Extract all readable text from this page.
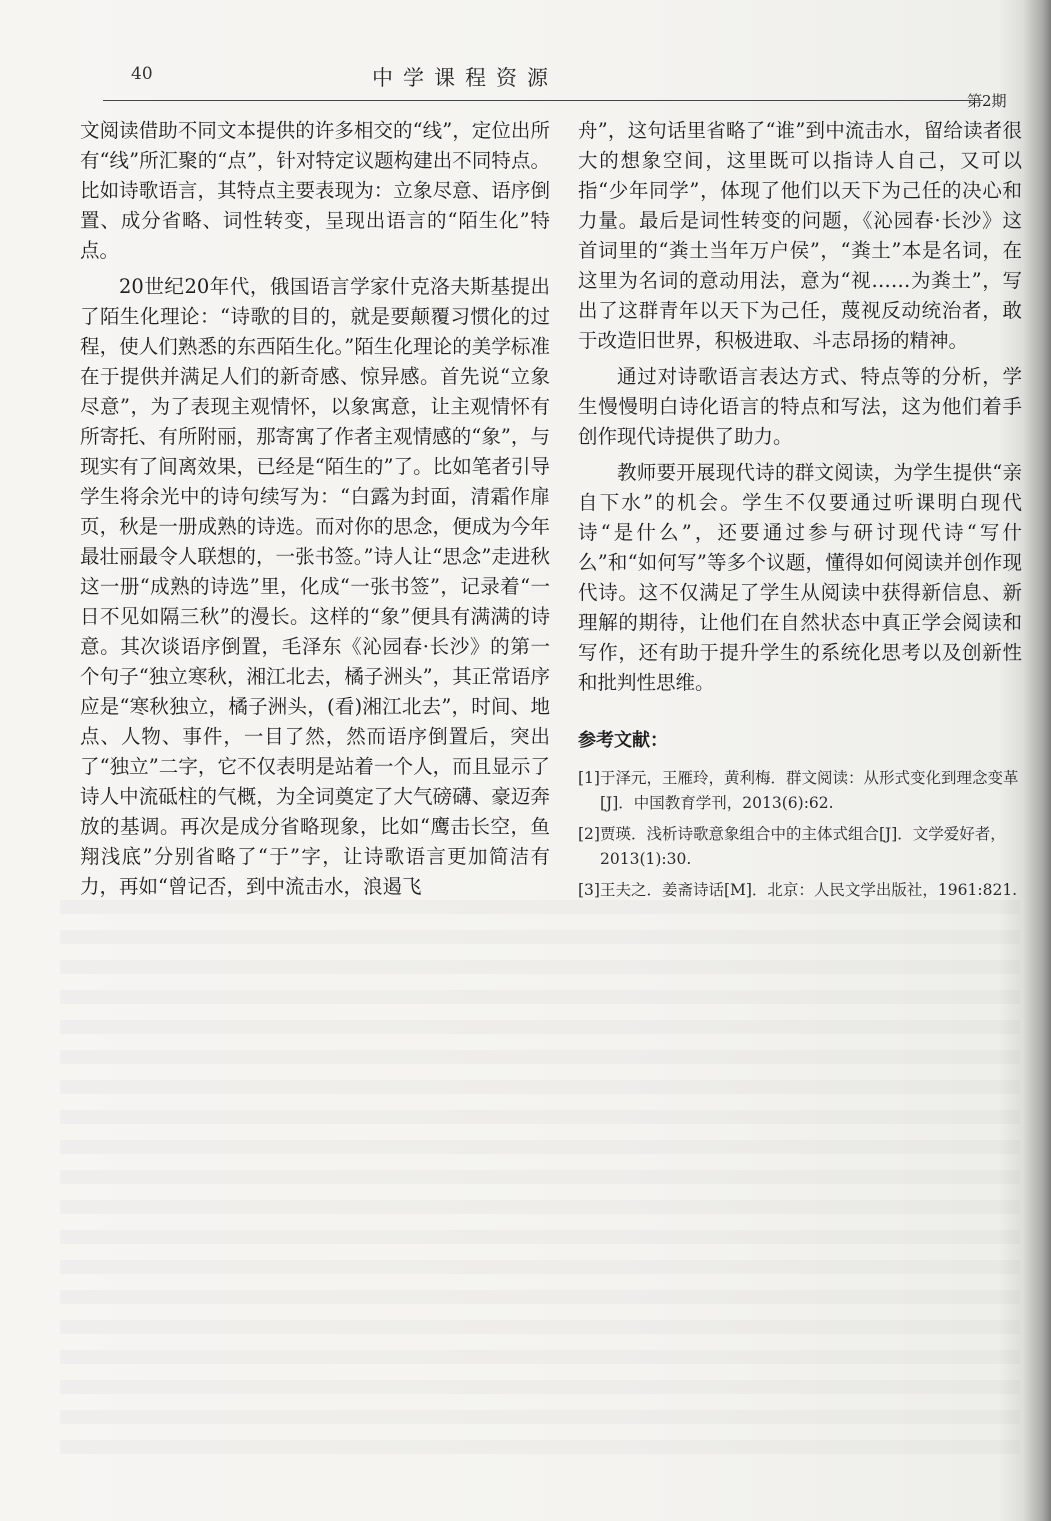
40	中学课程资源
第2期

文阅读借助不同文本提供的许多相交的“线”，定位出所有“线”所汇聚的“点”，针对特定议题构建出不同特点。比如诗歌语言，其特点主要表现为：立象尽意、语序倒置、成分省略、词性转变，呈现出语言的“陌生化”特点。

20世纪20年代，俄国语言学家什克洛夫斯基提出了陌生化理论：“诗歌的目的，就是要颠覆习惯化的过程，使人们熟悉的东西陌生化。”陌生化理论的美学标准在于提供并满足人们的新奇感、惊异感。首先说“立象尽意”，为了表现主观情怀，以象寓意，让主观情怀有所寄托、有所附丽，那寄寓了作者主观情感的“象”，与现实有了间离效果，已经是“陌生的”了。比如笔者引导学生将余光中的诗句续写为：“白露为封面，清霜作扉页，秋是一册成熟的诗选。而对你的思念，便成为今年最壮丽最令人联想的，一张书签。”诗人让“思念”走进秋这一册“成熟的诗选”里，化成“一张书签”，记录着“一日不见如隔三秋”的漫长。这样的“象”便具有满满的诗意。其次谈语序倒置，毛泽东《沁园春·长沙》的第一个句子“独立寒秋，湘江北去，橘子洲头”，其正常语序应是“寒秋独立，橘子洲头，(看)湘江北去”，时间、地点、人物、事件，一目了然，然而语序倒置后，突出了“独立”二字，它不仅表明是站着一个人，而且显示了诗人中流砥柱的气概，为全词奠定了大气磅礴、豪迈奔放的基调。再次是成分省略现象，比如“鹰击长空，鱼翔浅底”分别省略了“于”字，让诗歌语言更加简洁有力，再如“曾记否，到中流击水，浪遏飞

舟”，这句话里省略了“谁”到中流击水，留给读者很大的想象空间，这里既可以指诗人自己，又可以指“少年同学”，体现了他们以天下为己任的决心和力量。最后是词性转变的问题，《沁园春·长沙》这首词里的“粪土当年万户侯”，“粪土”本是名词，在这里为名词的意动用法，意为“视……为粪土”，写出了这群青年以天下为己任，蔑视反动统治者，敢于改造旧世界，积极进取、斗志昂扬的精神。

通过对诗歌语言表达方式、特点等的分析，学生慢慢明白诗化语言的特点和写法，这为他们着手创作现代诗提供了助力。

教师要开展现代诗的群文阅读，为学生提供“亲自下水”的机会。学生不仅要通过听课明白现代诗“是什么”，还要通过参与研讨现代诗“写什么”和“如何写”等多个议题，懂得如何阅读并创作现代诗。这不仅满足了学生从阅读中获得新信息、新理解的期待，让他们在自然状态中真正学会阅读和写作，还有助于提升学生的系统化思考以及创新性和批判性思维。

参考文献：
[1]于泽元，王雁玲，黄利梅．群文阅读：从形式变化到理念变革[J]．中国教育学刊，2013(6):62.
[2]贾瑛．浅析诗歌意象组合中的主体式组合[J]．文学爱好者，2013(1):30.
[3]王夫之．姜斋诗话[M]．北京：人民文学出版社，1961:821.
